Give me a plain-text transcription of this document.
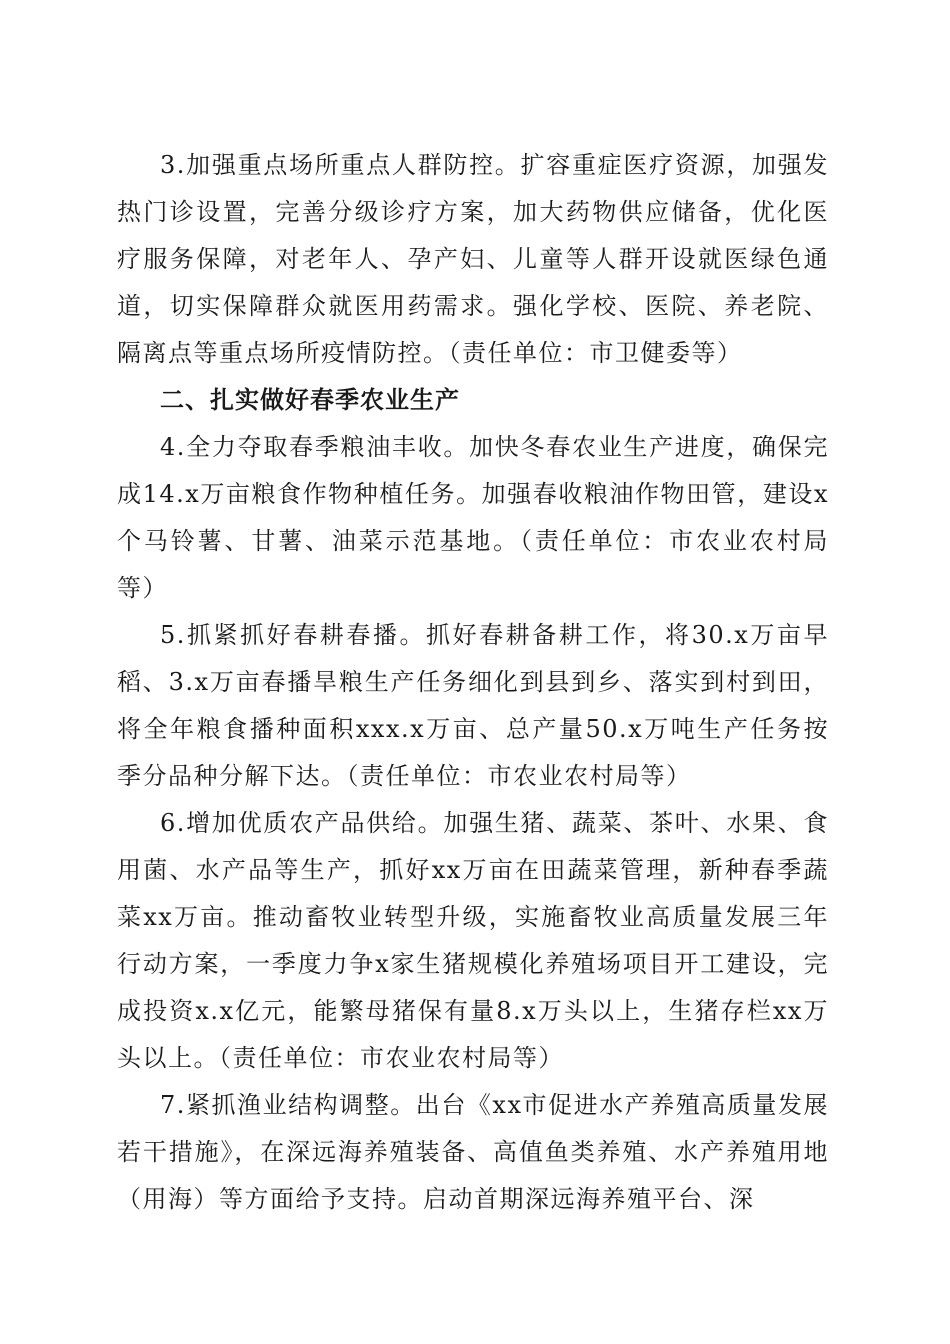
3.加强重点场所重点人群防控。扩容重症医疗资源，加强发热门诊设置，完善分级诊疗方案，加大药物供应储备，优化医疗服务保障，对老年人、孕产妇、儿童等人群开设就医绿色通道，切实保障群众就医用药需求。强化学校、医院、养老院、隔离点等重点场所疫情防控。（责任单位：市卫健委等）

二、扎实做好春季农业生产

4.全力夺取春季粮油丰收。加快冬春农业生产进度，确保完成14.x万亩粮食作物种植任务。加强春收粮油作物田管，建设x个马铃薯、甘薯、油菜示范基地。（责任单位：市农业农村局等）

5.抓紧抓好春耕春播。抓好春耕备耕工作，将30.x万亩早稻、3.x万亩春播旱粮生产任务细化到县到乡、落实到村到田，将全年粮食播种面积xxx.x万亩、总产量50.x万吨生产任务按季分品种分解下达。（责任单位：市农业农村局等）

6.增加优质农产品供给。加强生猪、蔬菜、茶叶、水果、食用菌、水产品等生产，抓好xx万亩在田蔬菜管理，新种春季蔬菜xx万亩。推动畜牧业转型升级，实施畜牧业高质量发展三年行动方案，一季度力争x家生猪规模化养殖场项目开工建设，完成投资x.x亿元，能繁母猪保有量8.x万头以上，生猪存栏xx万头以上。（责任单位：市农业农村局等）

7.紧抓渔业结构调整。出台《xx市促进水产养殖高质量发展若干措施》，在深远海养殖装备、高值鱼类养殖、水产养殖用地（用海）等方面给予支持。启动首期深远海养殖平台、深
